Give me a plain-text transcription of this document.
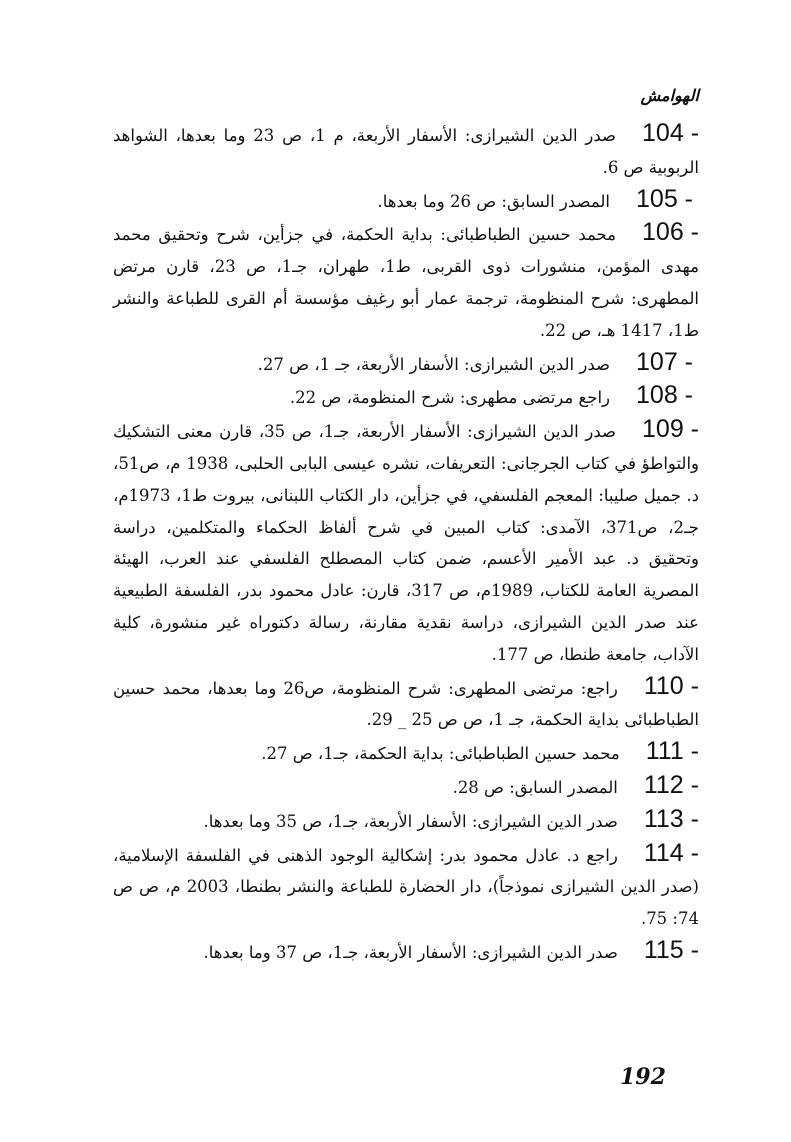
الهوامش

104 -صدر الدين الشيرازى: الأسفار الأربعة، م 1، ص 23 وما بعدها، الشواهد الربوبية ص 6.

105 -المصدر السابق: ص 26 وما بعدها.

106 -محمد حسين الطباطبائى: بداية الحكمة، في جزأين، شرح وتحقيق محمد مهدى المؤمن، منشورات ذوى القربى، ط1، طهران، جـ1، ص 23، قارن مرتض المطهرى: شرح المنظومة، ترجمة عمار أبو رغيف مؤسسة أم القرى للطباعة والنشر ط1، 1417 هـ، ص 22.

107 -صدر الدين الشيرازى: الأسفار الأربعة، جـ 1، ص 27.

108 -راجع مرتضى مطهرى: شرح المنظومة، ص 22.

109 -صدر الدين الشيرازى: الأسفار الأربعة، جـ1، ص 35، قارن معنى التشكيك والتواطؤ في كتاب الجرجانى: التعريفات، نشره عيسى البابى الحلبى، 1938 م، ص51، د. جميل صليبا: المعجم الفلسفي، في جزأين، دار الكتاب اللبنانى، بيروت ط1، 1973م، جـ2، ص371، الآمدى: كتاب المبين في شرح ألفاظ الحكماء والمتكلمين، دراسة وتحقيق د. عبد الأمير الأعسم، ضمن كتاب المصطلح الفلسفي عند العرب، الهيئة المصرية العامة للكتاب، 1989م، ص 317، قارن: عادل محمود بدر، الفلسفة الطبيعية عند صدر الدين الشيرازى، دراسة نقدية مقارنة، رسالة دكتوراه غير منشورة، كلية الآداب، جامعة طنطا، ص 177.

110 -راجع: مرتضى المطهرى: شرح المنظومة، ص26 وما بعدها، محمد حسين الطباطبائى بداية الحكمة، جـ 1، ص ص 25 _ 29.

111 -محمد حسين الطباطبائى: بداية الحكمة، جـ1، ص 27.

112 -المصدر السابق: ص 28.

113 -صدر الدين الشيرازى: الأسفار الأربعة، جـ1، ص 35 وما بعدها.

114 -راجع د. عادل محمود بدر: إشكالية الوجود الذهنى في الفلسفة الإسلامية، (صدر الدين الشيرازى نموذجاً)، دار الحضارة للطباعة والنشر بطنطا، 2003 م، ص ص 74: 75.

115 -صدر الدين الشيرازى: الأسفار الأربعة، جـ1، ص 37 وما بعدها.

192
